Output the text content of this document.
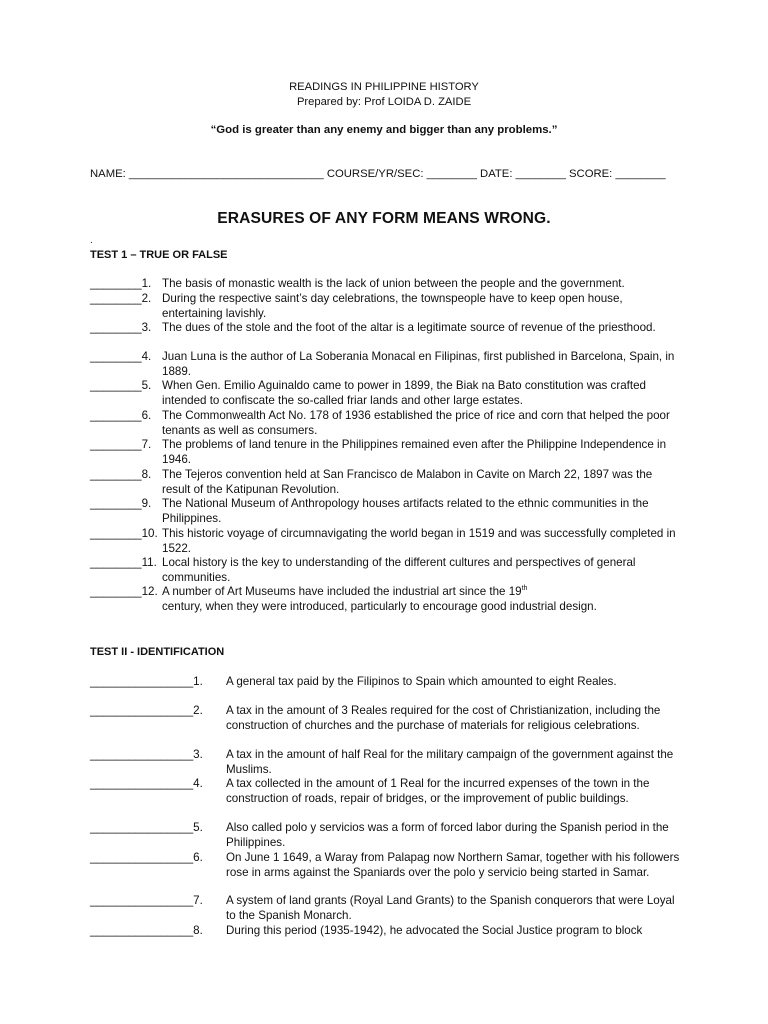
READINGS IN PHILIPPINE HISTORY
Prepared by: Prof LOIDA D. ZAIDE
“God is greater than any enemy and bigger than any problems.”
NAME: _______________________________ COURSE/YR/SEC: ________ DATE: ________ SCORE: ________
ERASURES OF ANY FORM MEANS WRONG.
.
TEST 1 – TRUE OR FALSE
________1. The basis of monastic wealth is the lack of union between the people and the government.
________2. During the respective saint’s day celebrations, the townspeople have to keep open house, entertaining lavishly.
________3. The dues of the stole and the foot of the altar is a legitimate source of revenue of the priesthood.
________4. Juan Luna is the author of La Soberania Monacal en Filipinas, first published in Barcelona, Spain, in 1889.
________5. When Gen. Emilio Aguinaldo came to power in 1899, the Biak na Bato constitution was crafted intended to confiscate the so-called friar lands and other large estates.
________6. The Commonwealth Act No. 178 of 1936 established the price of rice and corn that helped the poor tenants as well as consumers.
________7. The problems of land tenure in the Philippines remained even after the Philippine Independence in 1946.
________8. The Tejeros convention held at San Francisco de Malabon in Cavite on March 22, 1897 was the result of the Katipunan Revolution.
________9. The National Museum of Anthropology houses artifacts related to the ethnic communities in the Philippines.
________10. This historic voyage of circumnavigating the world began in 1519 and was successfully completed in 1522.
________11. Local history is the key to understanding of the different cultures and perspectives of general communities.
________12. A number of Art Museums have included the industrial art since the 19th
century, when they were introduced, particularly to encourage good industrial design.
TEST II - IDENTIFICATION
________________1. A general tax paid by the Filipinos to Spain which amounted to eight Reales.
________________2. A tax in the amount of 3 Reales required for the cost of Christianization, including the construction of churches and the purchase of materials for religious celebrations.
________________3. A tax in the amount of half Real for the military campaign of the government against the Muslims.
________________4. A tax collected in the amount of 1 Real for the incurred expenses of the town in the construction of roads, repair of bridges, or the improvement of public buildings.
________________5. Also called polo y servicios was a form of forced labor during the Spanish period in the Philippines.
________________6. On June 1 1649, a Waray from Palapag now Northern Samar, together with his followers rose in arms against the Spaniards over the polo y servicio being started in Samar.
________________7. A system of land grants (Royal Land Grants) to the Spanish conquerors that were Loyal to the Spanish Monarch.
________________8. During this period (1935-1942), he advocated the Social Justice program to block
